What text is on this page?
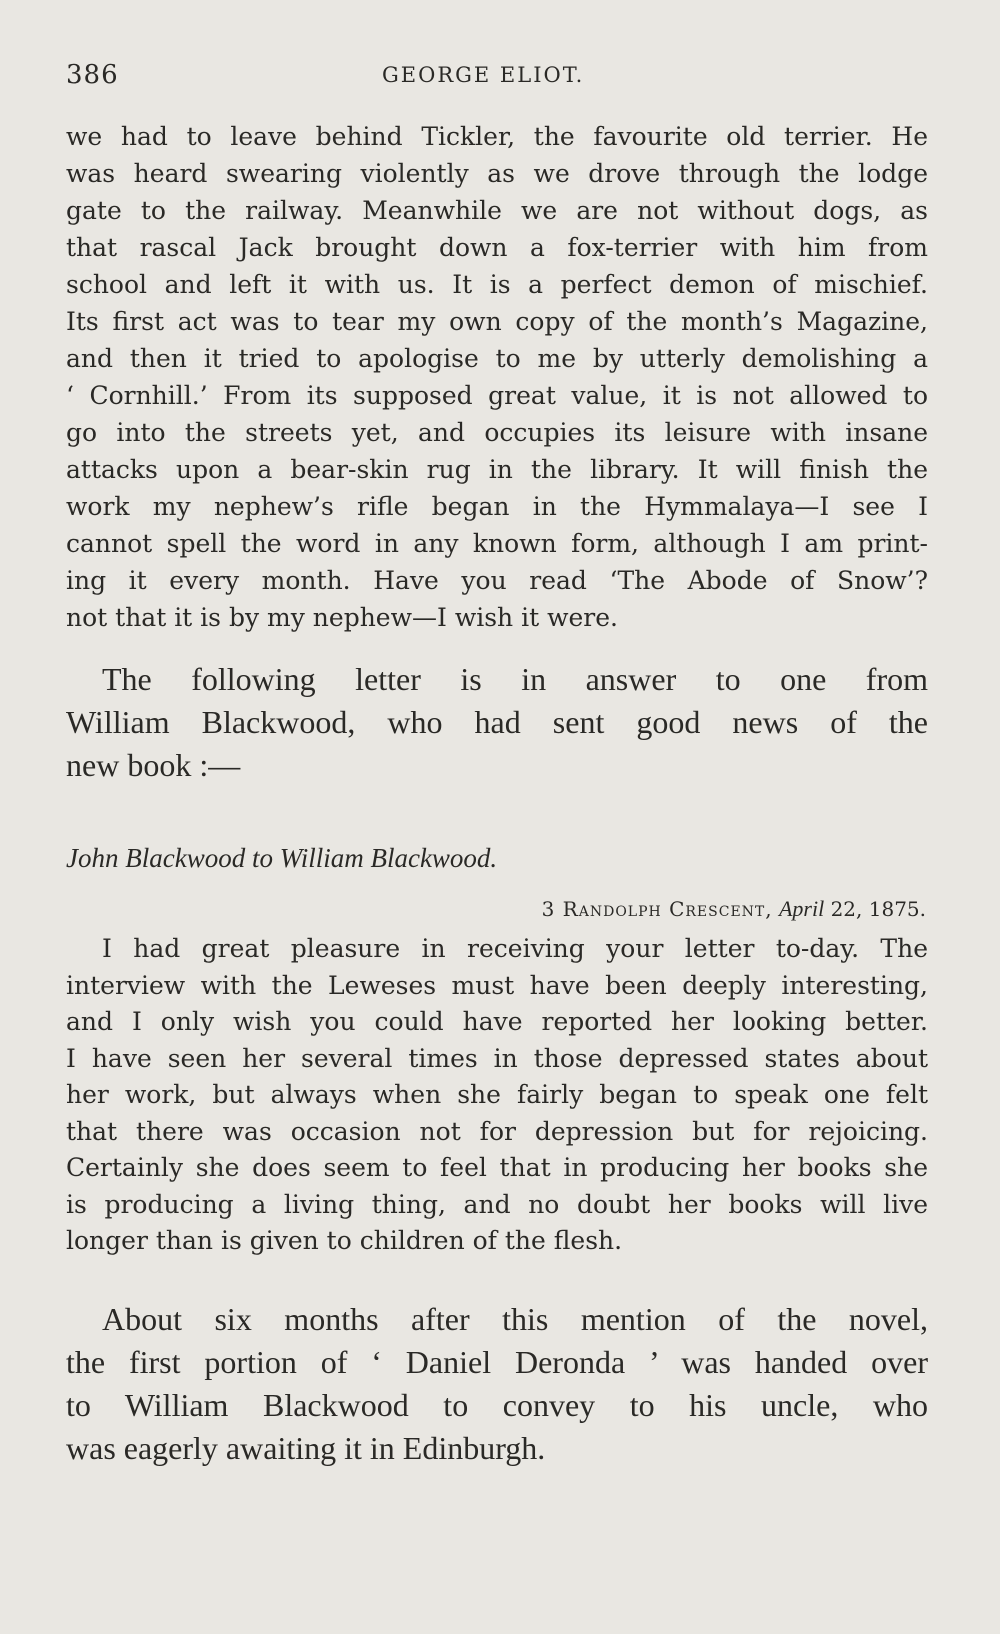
386	GEORGE ELIOT.
we had to leave behind Tickler, the favourite old terrier. He
was heard swearing violently as we drove through the lodge
gate to the railway. Meanwhile we are not without dogs, as
that rascal Jack brought down a fox-terrier with him from
school and left it with us. It is a perfect demon of mischief.
Its first act was to tear my own copy of the month’s Magazine,
and then it tried to apologise to me by utterly demolishing a
‘ Cornhill.’ From its supposed great value, it is not allowed to
go into the streets yet, and occupies its leisure with insane
attacks upon a bear-skin rug in the library. It will finish the
work my nephew’s rifle began in the Hymmalaya—I see I
cannot spell the word in any known form, although I am print-
ing it every month. Have you read ‘The Abode of Snow’?
not that it is by my nephew—I wish it were.
The following letter is in answer to one from
William Blackwood, who had sent good news of the
new book :—
John Blackwood to William Blackwood.
3 Randolph Crescent, April 22, 1875.
I had great pleasure in receiving your letter to-day. The
interview with the Leweses must have been deeply interesting,
and I only wish you could have reported her looking better.
I have seen her several times in those depressed states about
her work, but always when she fairly began to speak one felt
that there was occasion not for depression but for rejoicing.
Certainly she does seem to feel that in producing her books she
is producing a living thing, and no doubt her books will live
longer than is given to children of the flesh.
About six months after this mention of the novel,
the first portion of ‘ Daniel Deronda ’ was handed over
to William Blackwood to convey to his uncle, who
was eagerly awaiting it in Edinburgh.
